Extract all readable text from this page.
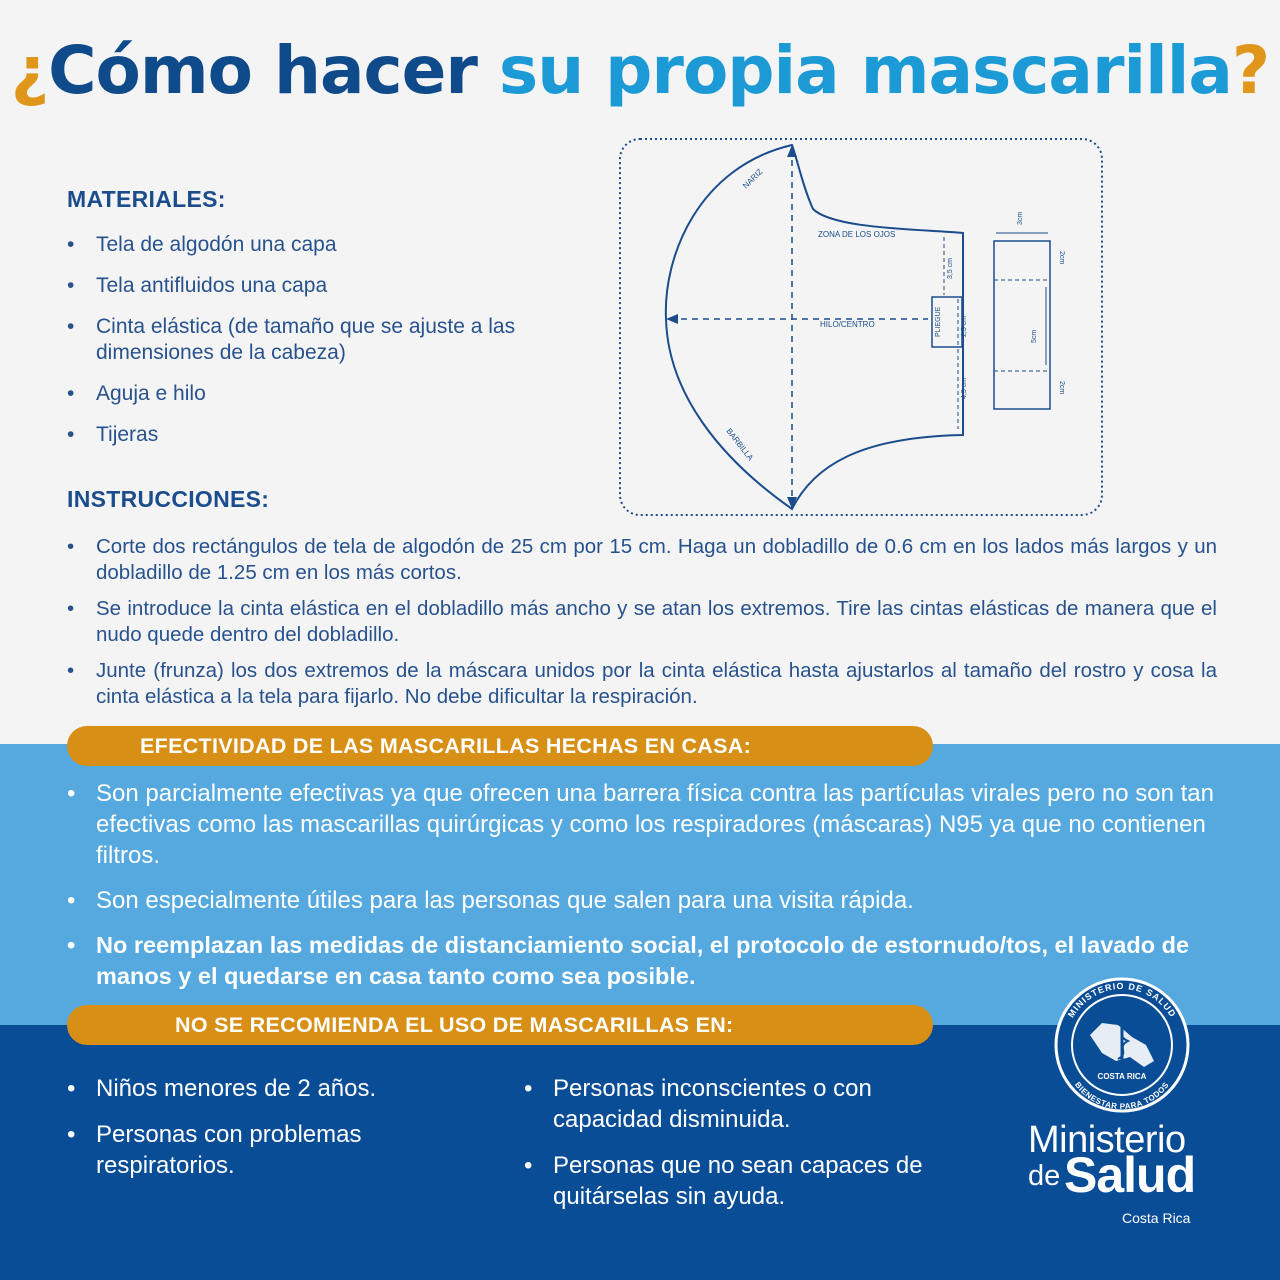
¿Cómo hacer su propia mascarilla?
MATERIALES:
• Tela de algodón una capa
• Tela antifluidos una capa
• Cinta elástica (de tamaño que se ajuste a las dimensiones de la cabeza)
• Aguja e hilo
• Tijeras
NARIZ
ZONA DE LOS OJOS
HILO/CENTRO
BARBILLA
PLIEGUE
3,5 cm
2,5 cm
4,5 cm
3cm
2cm
5cm
2cm
INSTRUCCIONES:
• Corte dos rectángulos de tela de algodón de 25 cm por 15 cm. Haga un dobladillo de 0.6 cm en los lados más largos y un dobladillo de 1.25 cm en los más cortos.
• Se introduce la cinta elástica en el dobladillo más ancho y se atan los extremos. Tire las cintas elásticas de manera que el nudo quede dentro del dobladillo.
• Junte (frunza) los dos extremos de la máscara unidos por la cinta elástica hasta ajustarlos al tamaño del rostro y cosa la cinta elástica a la tela para fijarlo. No debe dificultar la respiración.
EFECTIVIDAD DE LAS MASCARILLAS HECHAS EN CASA:
• Son parcialmente efectivas ya que ofrecen una barrera física contra las partículas virales pero no son tan efectivas como las mascarillas quirúrgicas y como los respiradores (máscaras) N95 ya que no contienen filtros.
• Son especialmente útiles para las personas que salen para una visita rápida.
• No reemplazan las medidas de distanciamiento social, el protocolo de estornudo/tos, el lavado de manos y el quedarse en casa tanto como sea posible.
NO SE RECOMIENDA EL USO DE MASCARILLAS EN:
• Niños menores de 2 años.
• Personas con problemas respiratorios.
• Personas inconscientes o con capacidad disminuida.
• Personas que no sean capaces de quitárselas sin ayuda.
MINISTERIO DE SALUD
BIENESTAR PARA TODOS
COSTA RICA
Ministerio
de Salud
Costa Rica
